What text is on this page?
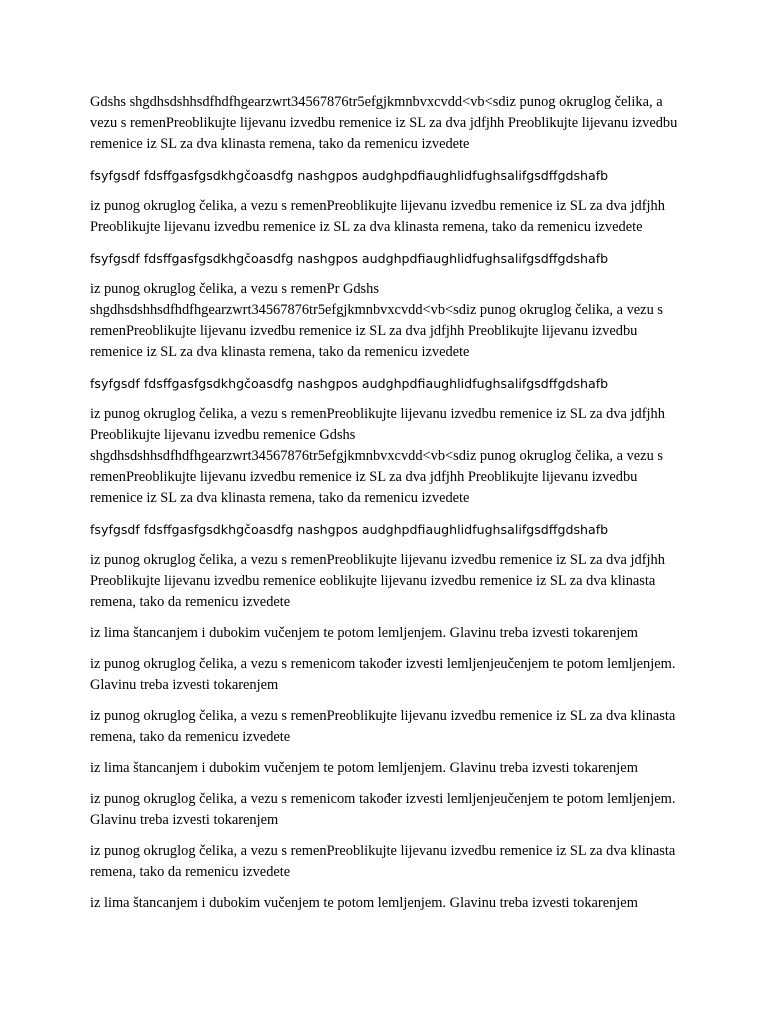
Gdshs shgdhsdshhsdfhdfhgearzwrt34567876tr5efgjkmnbvxcvdd<vb<sdiz punog okruglog čelika, a vezu s remenPreoblikujte lijevanu izvedbu remenice iz SL za dva jdfjhh Preoblikujte lijevanu izvedbu remenice iz SL za dva klinasta remena, tako da remenicu izvedete

fsyfgsdf fdsffgasfgsdkhgčoasdfg nashgpos audghpdfiaughlidfughsalifgsdffgdshafb

iz punog okruglog čelika, a vezu s remenPreoblikujte lijevanu izvedbu remenice iz SL za dva jdfjhh Preoblikujte lijevanu izvedbu remenice iz SL za dva klinasta remena, tako da remenicu izvedete

fsyfgsdf fdsffgasfgsdkhgčoasdfg nashgpos audghpdfiaughlidfughsalifgsdffgdshafb

iz punog okruglog čelika, a vezu s remenPr Gdshs shgdhsdshhsdfhdfhgearzwrt34567876tr5efgjkmnbvxcvdd<vb<sdiz punog okruglog čelika, a vezu s remenPreoblikujte lijevanu izvedbu remenice iz SL za dva jdfjhh Preoblikujte lijevanu izvedbu remenice iz SL za dva klinasta remena, tako da remenicu izvedete

fsyfgsdf fdsffgasfgsdkhgčoasdfg nashgpos audghpdfiaughlidfughsalifgsdffgdshafb

iz punog okruglog čelika, a vezu s remenPreoblikujte lijevanu izvedbu remenice iz SL za dva jdfjhh Preoblikujte lijevanu izvedbu remenice Gdshs shgdhsdshhsdfhdfhgearzwrt34567876tr5efgjkmnbvxcvdd<vb<sdiz punog okruglog čelika, a vezu s remenPreoblikujte lijevanu izvedbu remenice iz SL za dva jdfjhh Preoblikujte lijevanu izvedbu remenice iz SL za dva klinasta remena, tako da remenicu izvedete

fsyfgsdf fdsffgasfgsdkhgčoasdfg nashgpos audghpdfiaughlidfughsalifgsdffgdshafb

iz punog okruglog čelika, a vezu s remenPreoblikujte lijevanu izvedbu remenice iz SL za dva jdfjhh Preoblikujte lijevanu izvedbu remenice eoblikujte lijevanu izvedbu remenice iz SL za dva klinasta remena, tako da remenicu izvedete

iz lima štancanjem i dubokim vučenjem te potom lemljenjem. Glavinu treba izvesti tokarenjem

iz punog okruglog čelika, a vezu s remenicom također izvesti lemljenjeučenjem te potom lemljenjem. Glavinu treba izvesti tokarenjem

iz punog okruglog čelika, a vezu s remenPreoblikujte lijevanu izvedbu remenice iz SL za dva klinasta remena, tako da remenicu izvedete

iz lima štancanjem i dubokim vučenjem te potom lemljenjem. Glavinu treba izvesti tokarenjem

iz punog okruglog čelika, a vezu s remenicom također izvesti lemljenjeučenjem te potom lemljenjem. Glavinu treba izvesti tokarenjem

iz punog okruglog čelika, a vezu s remenPreoblikujte lijevanu izvedbu remenice iz SL za dva klinasta remena, tako da remenicu izvedete

iz lima štancanjem i dubokim vučenjem te potom lemljenjem. Glavinu treba izvesti tokarenjem
